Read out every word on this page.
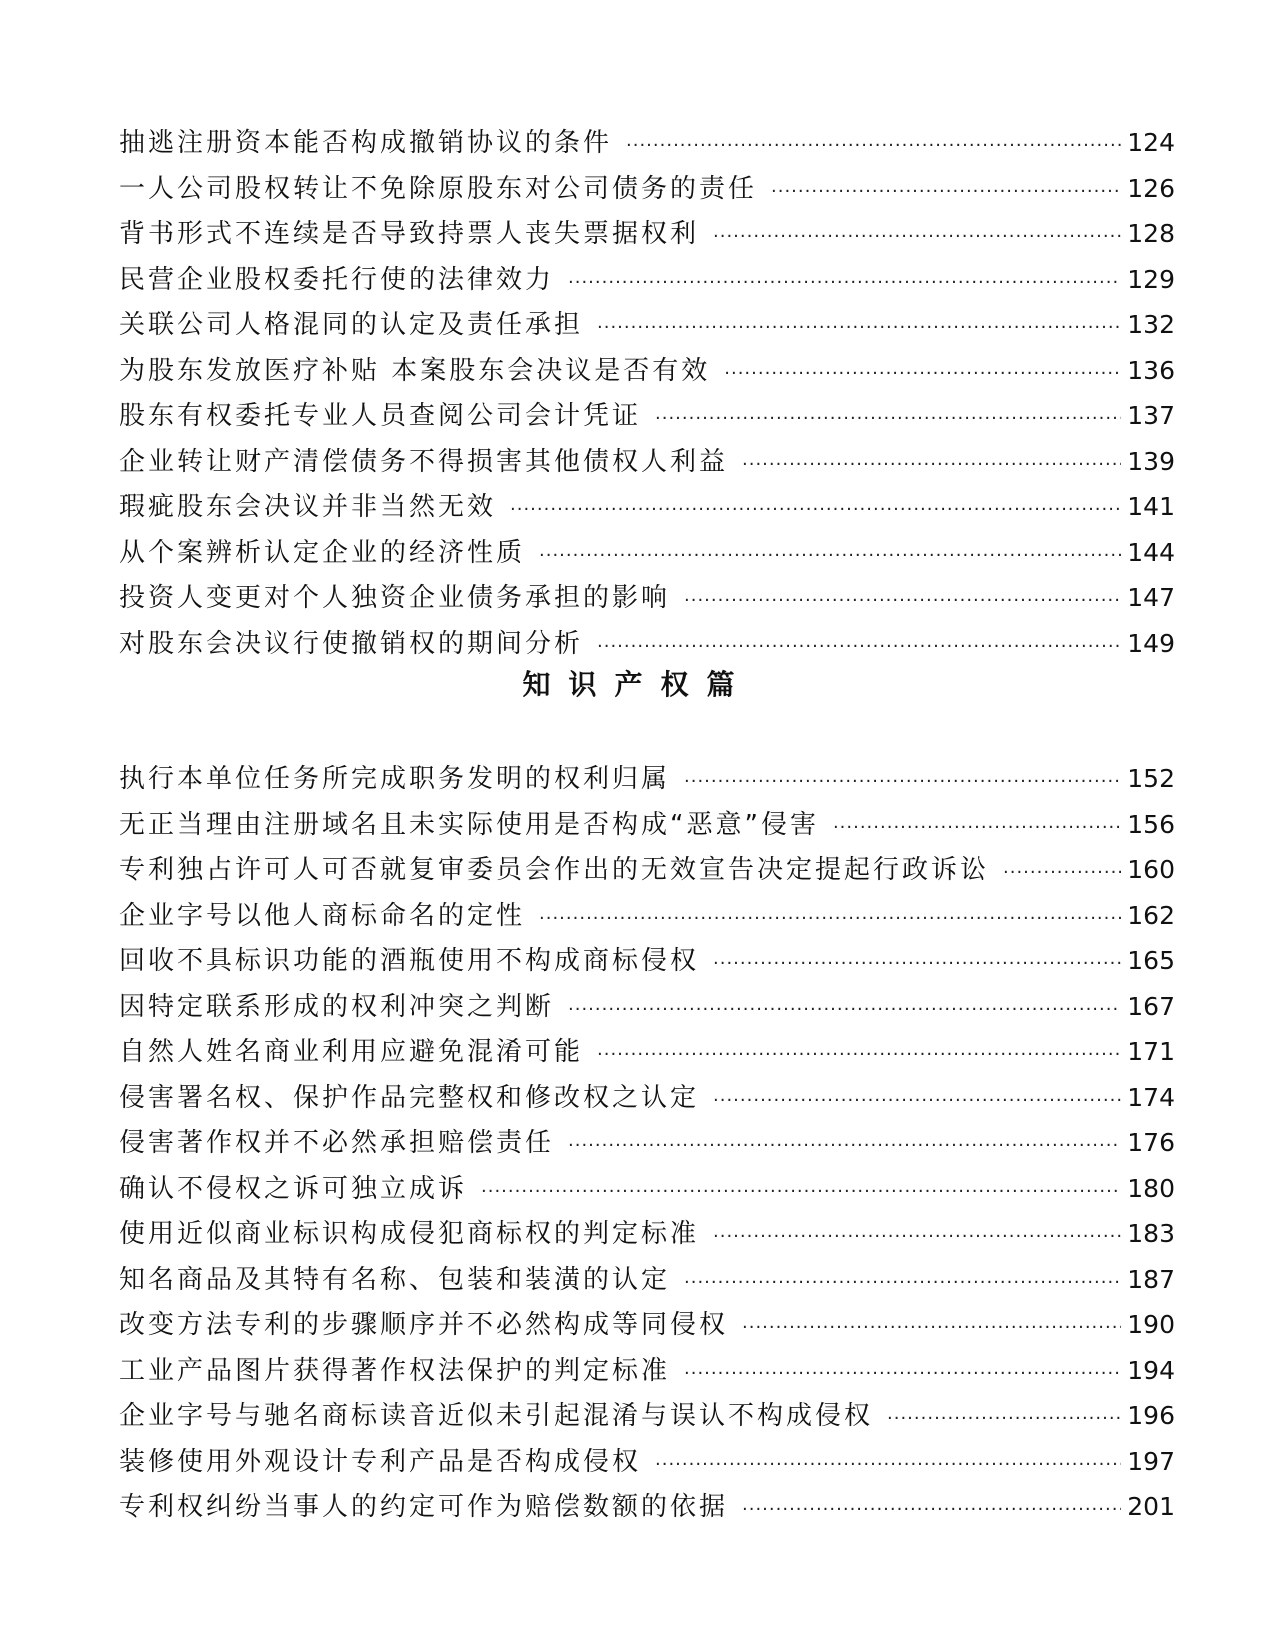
抽逃注册资本能否构成撤销协议的条件 ·····	124
一人公司股权转让不免除原股东对公司债务的责任 ·····	126
背书形式不连续是否导致持票人丧失票据权利 ·····	128
民营企业股权委托行使的法律效力 ·····	129
关联公司人格混同的认定及责任承担 ·····	132
为股东发放医疗补贴 本案股东会决议是否有效 ·····	136
股东有权委托专业人员查阅公司会计凭证 ·····	137
企业转让财产清偿债务不得损害其他债权人利益 ·····	139
瑕疵股东会决议并非当然无效 ·····	141
从个案辨析认定企业的经济性质 ·····	144
投资人变更对个人独资企业债务承担的影响 ·····	147
对股东会决议行使撤销权的期间分析 ·····	149
知识产权篇
执行本单位任务所完成职务发明的权利归属 ·····	152
无正当理由注册域名且未实际使用是否构成“恶意”侵害 ·····	156
专利独占许可人可否就复审委员会作出的无效宣告决定提起行政诉讼 ·····	160
企业字号以他人商标命名的定性 ·····	162
回收不具标识功能的酒瓶使用不构成商标侵权 ·····	165
因特定联系形成的权利冲突之判断 ·····	167
自然人姓名商业利用应避免混淆可能 ·····	171
侵害署名权、保护作品完整权和修改权之认定 ·····	174
侵害著作权并不必然承担赔偿责任 ·····	176
确认不侵权之诉可独立成诉 ·····	180
使用近似商业标识构成侵犯商标权的判定标准 ·····	183
知名商品及其特有名称、包装和装潢的认定 ·····	187
改变方法专利的步骤顺序并不必然构成等同侵权 ·····	190
工业产品图片获得著作权法保护的判定标准 ·····	194
企业字号与驰名商标读音近似未引起混淆与误认不构成侵权 ·····	196
装修使用外观设计专利产品是否构成侵权 ·····	197
专利权纠纷当事人的约定可作为赔偿数额的依据 ·····	201
